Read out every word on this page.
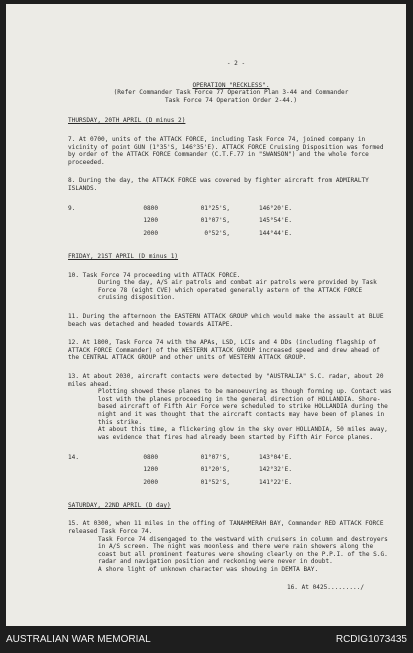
- 2 -
OPERATION "RECKLESS".
(Refer Commander Task Force 77 Operation Plan 3-44 and Commander
Task Force 74 Operation Order 2-44.)
THURSDAY, 20TH APRIL (D minus 2)

7. At 0700, units of the ATTACK FORCE, including Task Force 74, joined company in vicinity of point GUN (1°35'S, 146°35'E). ATTACK FORCE Cruising Disposition was formed by order of the ATTACK FORCE Commander (C.T.F.77 in "SWANSON") and the whole force proceeded.

8. During the day, the ATTACK FORCE was covered by fighter aircraft from ADMIRALTY ISLANDS.

9.	0800	01°25'S,	146°20'E.
1200	01°07'S,	145°54'E.
2000	0°52'S,	144°44'E.
FRIDAY, 21ST APRIL (D minus 1)

10. Task Force 74 proceeding with ATTACK FORCE.

During the day, A/S air patrols and combat air patrols were provided by Task Force 78 (eight CVE) which operated generally astern of the ATTACK FORCE cruising disposition.

11. During the afternoon the EASTERN ATTACK GROUP which would make the assault at BLUE beach was detached and headed towards AITAPE.

12. At 1800, Task Force 74 with the APAs, LSD, LCIs and 4 DDs (including flagship of ATTACK FORCE Commander) of the WESTERN ATTACK GROUP increased speed and drew ahead of the CENTRAL ATTACK GROUP and other units of WESTERN ATTACK GROUP.

13. At about 2030, aircraft contacts were detected by "AUSTRALIA" S.C. radar, about 20 miles ahead.

Plotting showed these planes to be manoeuvring as though forming up. Contact was lost with the planes proceeding in the general direction of HOLLANDIA. Shore-based aircraft of Fifth Air Force were scheduled to strike HOLLANDIA during the night and it was thought that the aircraft contacts may have been of planes in this strike.

At about this time, a flickering glow in the sky over HOLLANDIA, 50 miles away, was evidence that fires had already been started by Fifth Air Force planes.

14.	0800	01°07'S,	143°04'E.
1200	01°20'S,	142°32'E.
2000	01°52'S,	141°22'E.
SATURDAY, 22ND APRIL (D day)

15. At 0300, when 11 miles in the offing of TANAHMERAH BAY, Commander RED ATTACK FORCE released Task Force 74.

Task Force 74 disengaged to the westward with cruisers in column and destroyers in A/S screen. The night was moonless and there were rain showers along the coast but all prominent features were showing clearly on the P.P.I. of the S.G. radar and navigation position and reckoning were never in doubt.

A shore light of unknown character was showing in DEMTA BAY.

16. At 0425........./
AUSTRALIAN WAR MEMORIAL	RCDIG1073435
